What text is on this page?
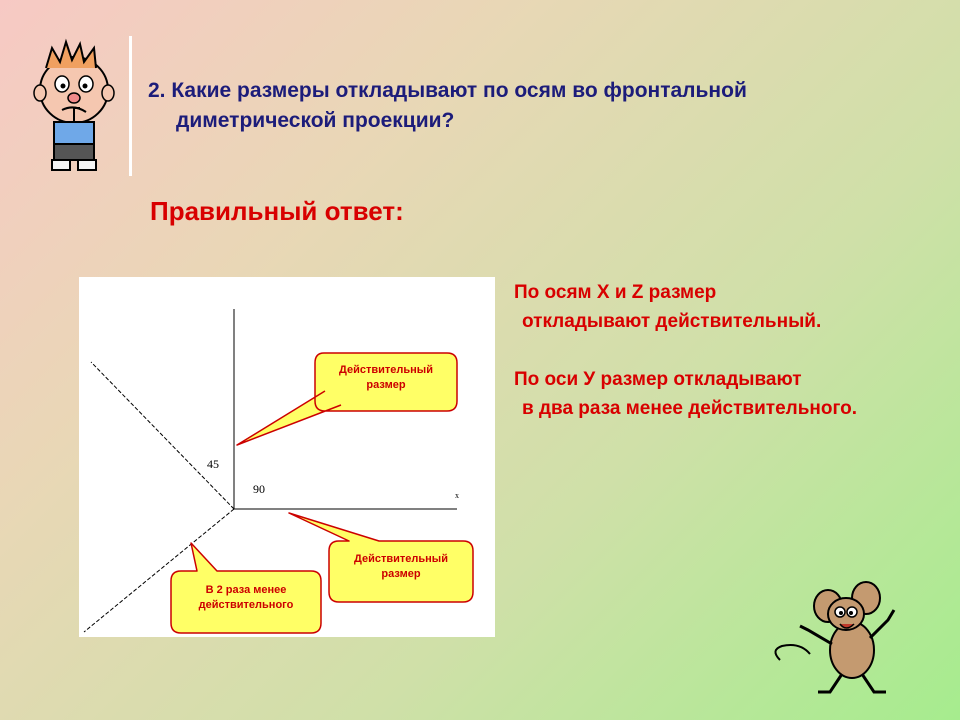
2. Какие размеры откладывают по осям во фронтальной
диметрической проекции?
Правильный ответ:
45
90	x
Действительный
размер
Действительный
размер
В 2 раза менее
действительного
По осям X и Z размер
откладывают действительный.
По оси У размер откладывают
в два раза менее действительного.
